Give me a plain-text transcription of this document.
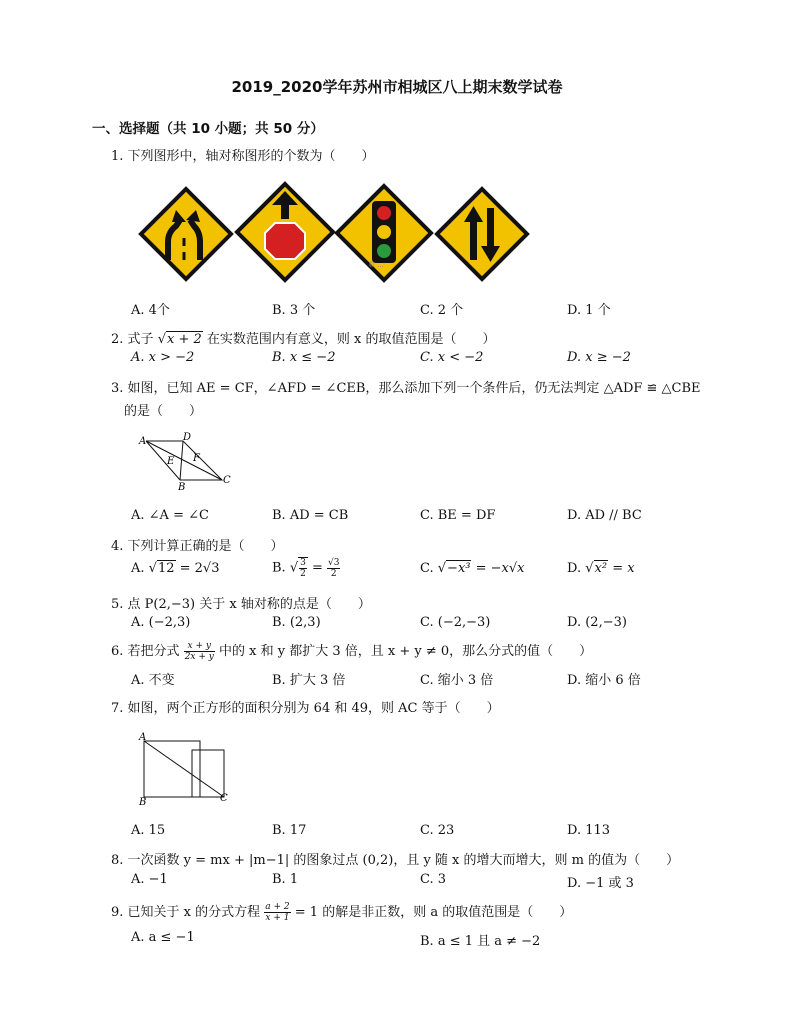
2019_2020学年苏州市相城区八上期末数学试卷
一、选择题（共 10 小题；共 50 分）
1. 下列图形中，轴对称图形的个数为（　　）
© ...
A. 4个	B. 3 个	C. 2 个	D. 1 个
2. 式子 √x + 2 在实数范围内有意义，则 x 的取值范围是（　　）
A. x > −2	B. x ≤ −2	C. x < −2	D. x ≥ −2
3. 如图，已知 AE = CF，∠AFD = ∠CEB，那么添加下列一个条件后，仍无法判定 △ADF ≌ △CBE
的是（　　）
A	D
E F
B
C
A. ∠A = ∠C	B. AD = CB	C. BE = DF	D. AD // BC
4. 下列计算正确的是（　　）
A. √12 = 2√3	B. √ $\frac{3}{2} = \frac{√3}{2}$	C. √−x³ = −x√x	D. √x² = x
5. 点 P(2,−3) 关于 x 轴对称的点是（　　）
A. (−2,3)	B. (2,3)	C. (−2,−3)	D. (2,−3)
6. 若把分式 $\frac{x + y}{2x + y}$ 中的 x 和 y 都扩大 3 倍，且 x + y ≠ 0，那么分式的值（　　）
A. 不变	B. 扩大 3 倍	C. 缩小 3 倍	D. 缩小 6 倍
7. 如图，两个正方形的面积分别为 64 和 49，则 AC 等于（　　）
A
B	C
A. 15	B. 17	C. 23	D. 113
8. 一次函数 y = mx + |m−1| 的图象过点 (0,2)，且 y 随 x 的增大而增大，则 m 的值为（　　）
A. −1	B. 1	C. 3	D. −1 或 3
9. 已知关于 x 的分式方程 $\frac{a + 2}{x + 1} = 1$ 的解是非正数，则 a 的取值范围是（　　）
A. a ≤ −1	B. a ≤ 1 且 a ≠ −2
